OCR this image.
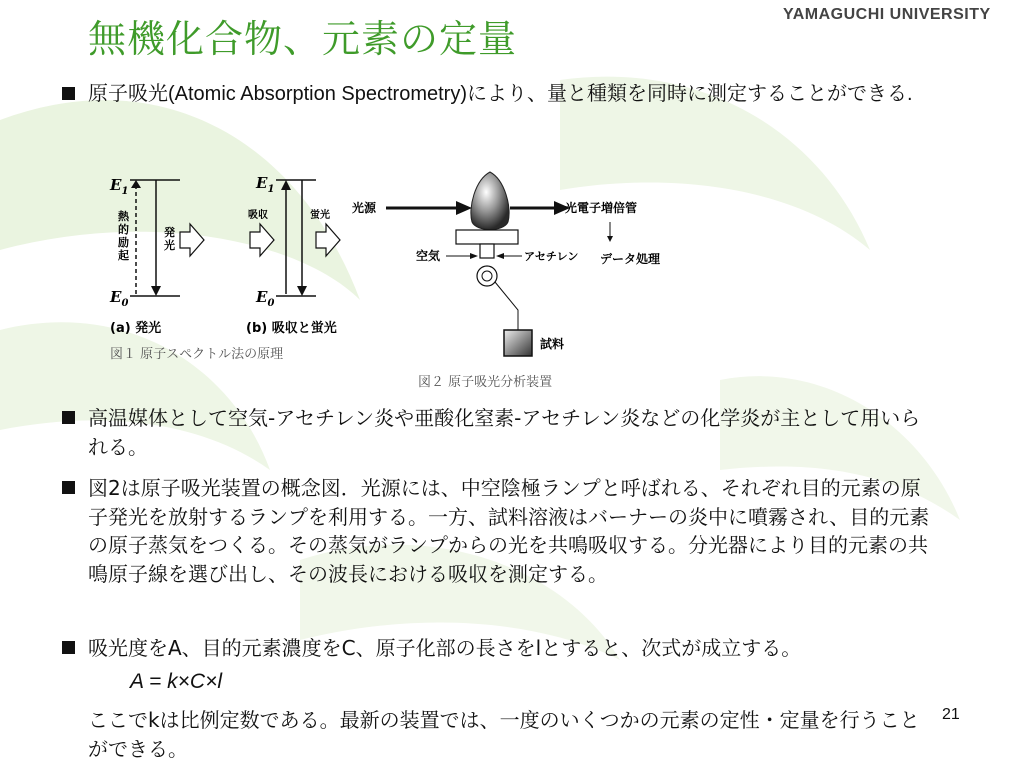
無機化合物、元素の定量
YAMAGUCHI UNIVERSITY
原子吸光(Atomic Absorption Spectrometry)により、量と種類を同時に測定することができる.
$E_1$
$E_0$
熱
的
励
起
発
光
(a) 発光
$E_1$
$E_0$
吸収	蛍光
(b) 吸収と蛍光
図１ 原子スペクトル法の原理
光源	光電子増倍管
データ処理
空気	アセチレン
試料
図２ 原子吸光分析装置
高温媒体として空気-アセチレン炎や亜酸化窒素-アセチレン炎などの化学炎が主として用いられる。
図2は原子吸光装置の概念図．光源には、中空陰極ランプと呼ばれる、それぞれ目的元素の原子発光を放射するランプを利用する。一方、試料溶液はバーナーの炎中に噴霧され、目的元素の原子蒸気をつくる。その蒸気がランプからの光を共鳴吸収する。分光器により目的元素の共鳴原子線を選び出し、その波長における吸収を測定する。
吸光度をA、目的元素濃度をC、原子化部の長さをlとすると、次式が成立する。
A = k×C×l
ここでkは比例定数である。最新の装置では、一度のいくつかの元素の定性・定量を行うことができる。
21
